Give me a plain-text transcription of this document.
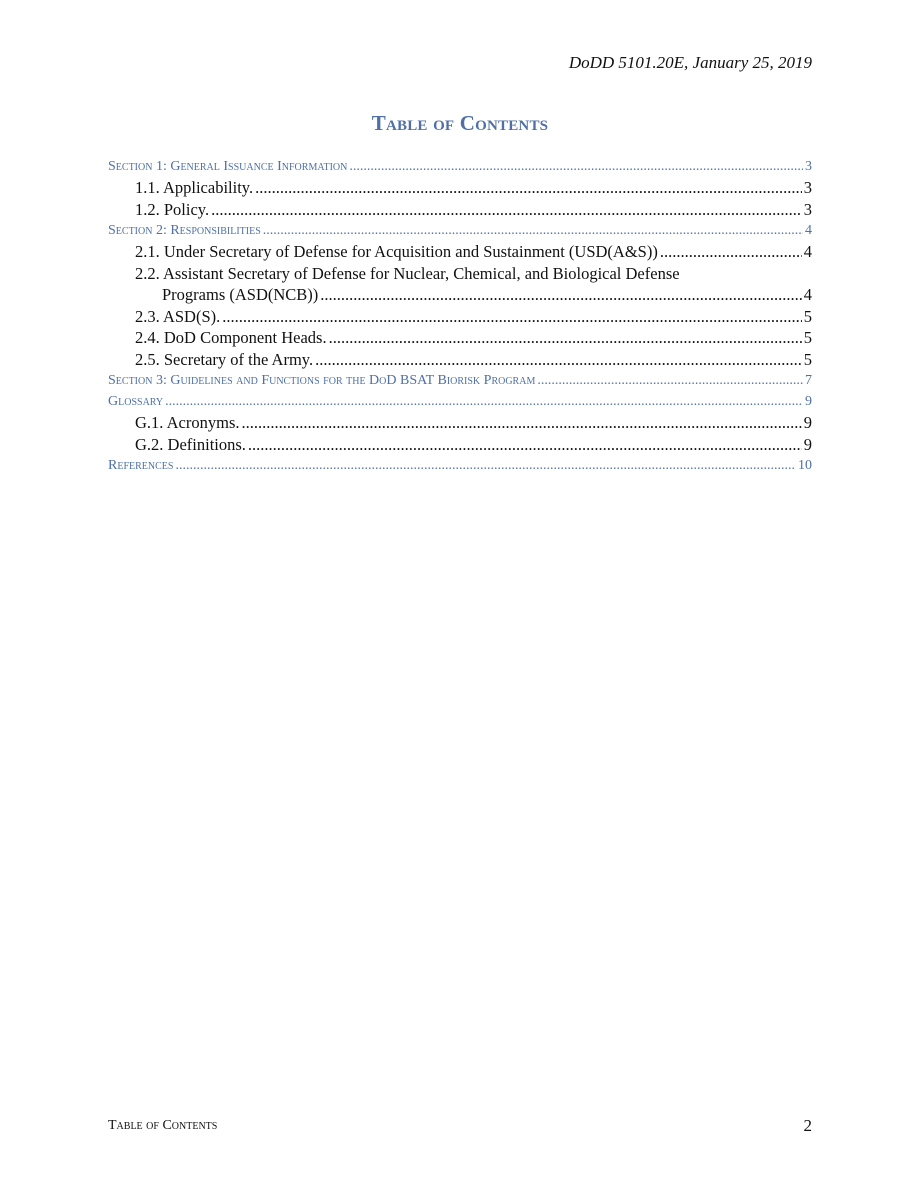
DoDD 5101.20E, January 25, 2019
Table of Contents
Section 1: General Issuance Information .....	3
1.1. Applicability. .....	3
1.2. Policy. .....	3
Section 2: Responsibilities .....	4
2.1. Under Secretary of Defense for Acquisition and Sustainment (USD(A&S)) .....	4
2.2. Assistant Secretary of Defense for Nuclear, Chemical, and Biological Defense
Programs (ASD(NCB)) .....	4
2.3. ASD(S). .....	5
2.4. DoD Component Heads. .....	5
2.5. Secretary of the Army. .....	5
Section 3: Guidelines and Functions for the DoD BSAT Biorisk Program .....	7
Glossary .....	9
G.1. Acronyms. .....	9
G.2. Definitions. .....	9
References .....	10
Table of Contents	2
